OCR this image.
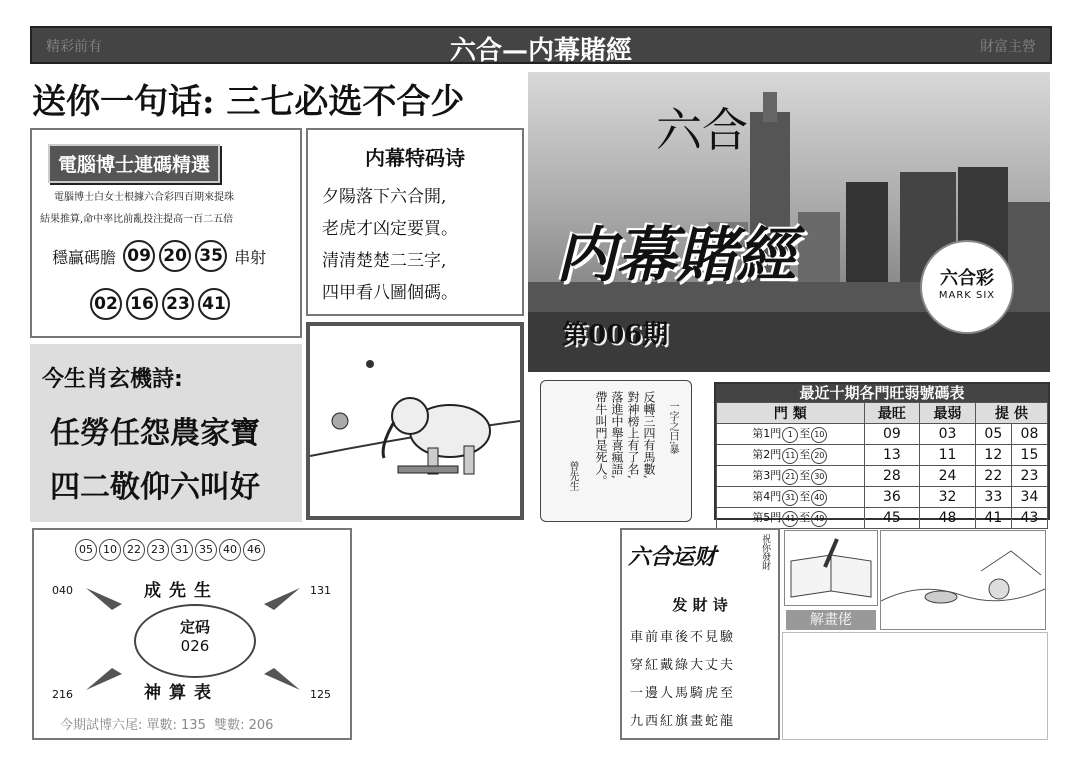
精彩前有	六合—内幕賭經	財富主營
送你一句话: 三七必选不合少
電腦博士連碼精選
電腦博士白女士根據六合彩四百期來提珠
結果推算,命中率比前亂投注提高一百二五倍
穩贏碼膽 09 20 35 串射
02 16 23 41
内幕特码诗
夕陽落下六合開,
老虎才凶定要買。
清清楚楚二三字,
四甲看八圖個碼。
六合
内幕賭經
第006期
六合彩
MARK SIX
今生肖玄機詩:
任勞任怨農家寶
四二敬仰六叫好
反轉三四有馬數,
對神榜上有了名,
落進中舉喜瘋語,
帶牛叫門是死人。	一字之曰:暴
曾先生
最近十期各門旺弱號碼表
門 類	最旺	最弱	提 供	
第1門 1 至 10	09	03	05	08
第2門 11 至 20	13	11	12	15
第3門 21 至 30	28	24	22	23
第4門 31 至 40	36	32	33	34
第5門 41 至 49	45	48	41	43
05 10 22 23 31 35 40 46
040	131
216	125
成先生
定码
026
神算表
今期試博六尾: 單數: 135  雙數: 206
六合运财	祝你發財
发 財 诗
車前車後不見驗
穿紅戴綠大丈夫
一邊人馬騎虎至
九西紅旗畫蛇龍
解畫佬
